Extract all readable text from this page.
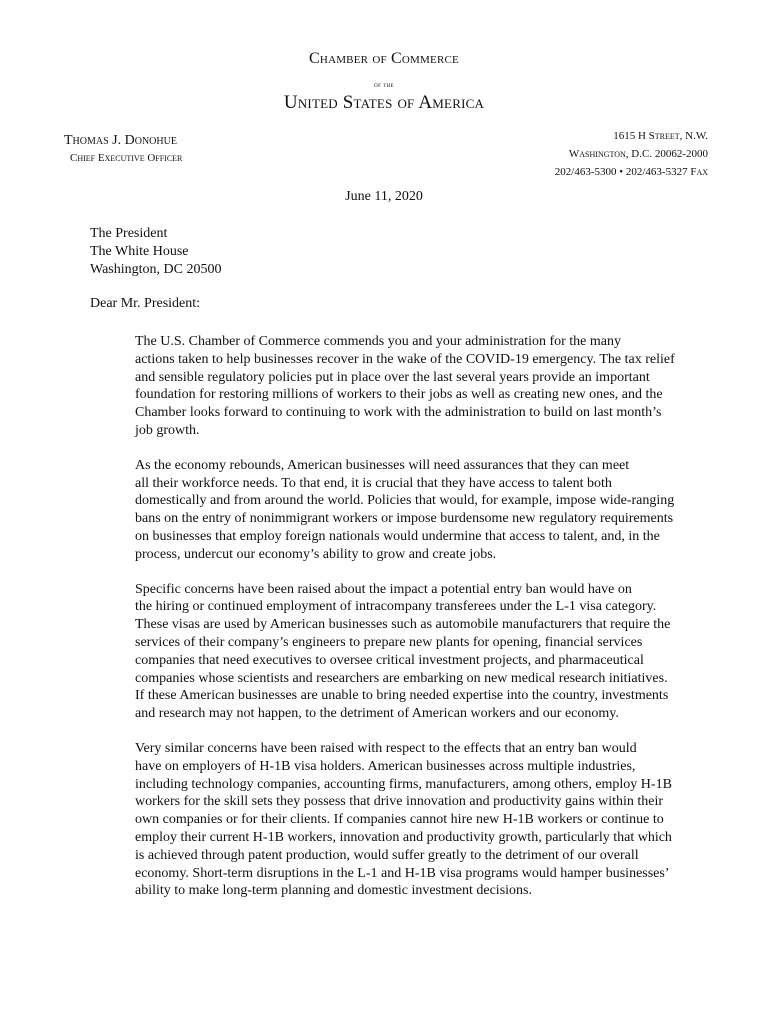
Chamber of Commerce
of the
United States of America
Thomas J. Donohue
Chief Executive Officer
1615 H Street, N.W.
Washington, D.C. 20062-2000
202/463-5300 • 202/463-5327 Fax
June 11, 2020
The President
The White House
Washington, DC 20500
Dear Mr. President:

The U.S. Chamber of Commerce commends you and your administration for the many
actions taken to help businesses recover in the wake of the COVID-19 emergency. The tax relief
and sensible regulatory policies put in place over the last several years provide an important
foundation for restoring millions of workers to their jobs as well as creating new ones, and the
Chamber looks forward to continuing to work with the administration to build on last month’s
job growth.

As the economy rebounds, American businesses will need assurances that they can meet
all their workforce needs. To that end, it is crucial that they have access to talent both
domestically and from around the world. Policies that would, for example, impose wide-ranging
bans on the entry of nonimmigrant workers or impose burdensome new regulatory requirements
on businesses that employ foreign nationals would undermine that access to talent, and, in the
process, undercut our economy’s ability to grow and create jobs.

Specific concerns have been raised about the impact a potential entry ban would have on
the hiring or continued employment of intracompany transferees under the L-1 visa category.
These visas are used by American businesses such as automobile manufacturers that require the
services of their company’s engineers to prepare new plants for opening, financial services
companies that need executives to oversee critical investment projects, and pharmaceutical
companies whose scientists and researchers are embarking on new medical research initiatives.
If these American businesses are unable to bring needed expertise into the country, investments
and research may not happen, to the detriment of American workers and our economy.

Very similar concerns have been raised with respect to the effects that an entry ban would
have on employers of H-1B visa holders. American businesses across multiple industries,
including technology companies, accounting firms, manufacturers, among others, employ H-1B
workers for the skill sets they possess that drive innovation and productivity gains within their
own companies or for their clients. If companies cannot hire new H-1B workers or continue to
employ their current H-1B workers, innovation and productivity growth, particularly that which
is achieved through patent production, would suffer greatly to the detriment of our overall
economy. Short-term disruptions in the L-1 and H-1B visa programs would hamper businesses’
ability to make long-term planning and domestic investment decisions.
